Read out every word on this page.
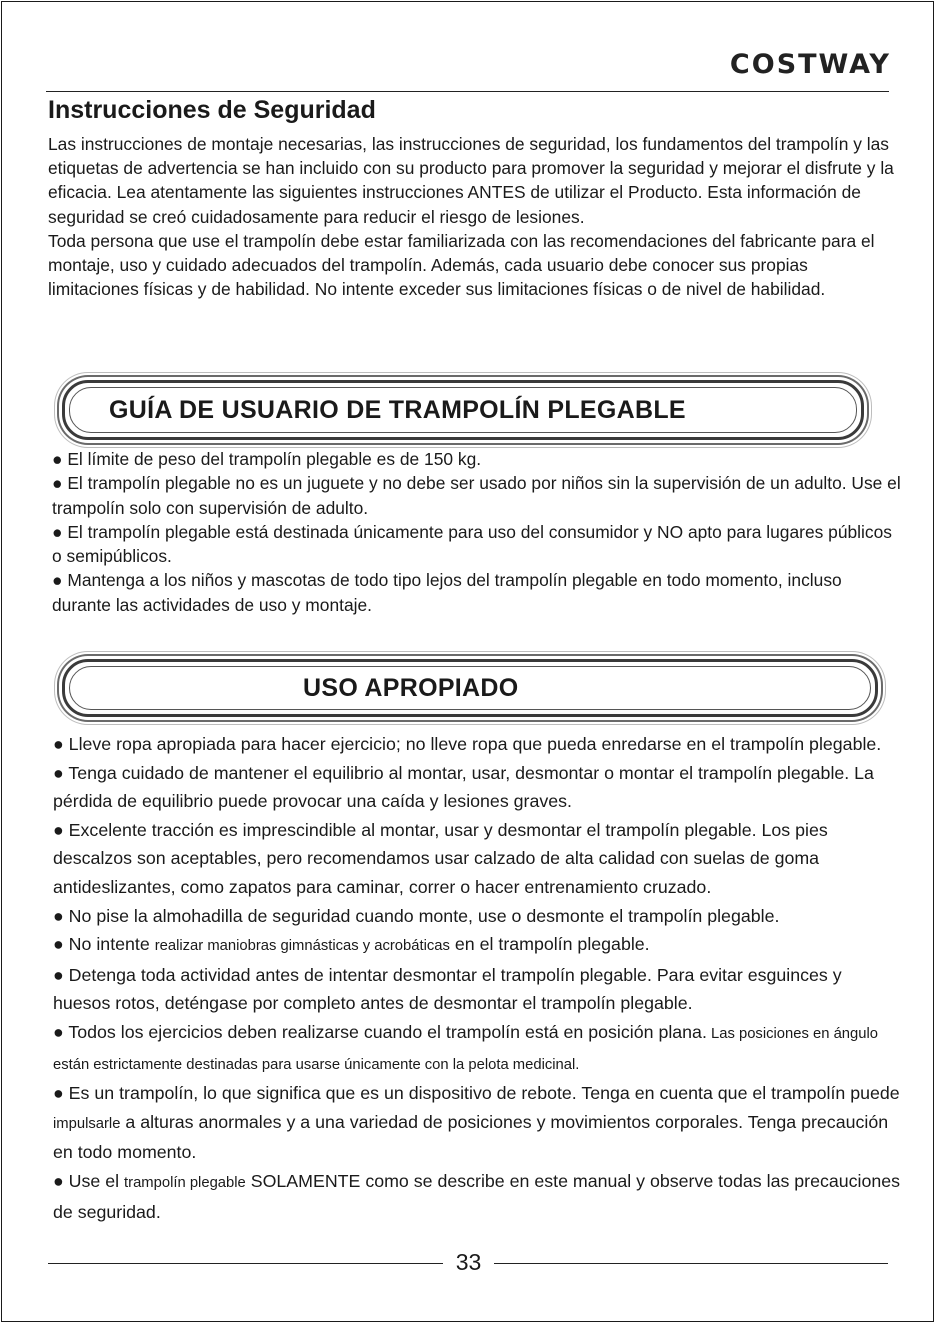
COSTWAY
Instrucciones de Seguridad

Las instrucciones de montaje necesarias, las instrucciones de seguridad, los fundamentos del trampolín y las etiquetas de advertencia se han incluido con su producto para promover la seguridad y mejorar el disfrute y la eficacia. Lea atentamente las siguientes instrucciones ANTES de utilizar el Producto. Esta información de seguridad se creó cuidadosamente para reducir el riesgo de lesiones.

Toda persona que use el trampolín debe estar familiarizada con las recomendaciones del fabricante para el montaje, uso y cuidado adecuados del trampolín. Además, cada usuario debe conocer sus propias limitaciones físicas y de habilidad. No intente exceder sus limitaciones físicas o de nivel de habilidad.

GUÍA DE USUARIO DE TRAMPOLÍN PLEGABLE
● El límite de peso del trampolín plegable es de 150 kg.
● El trampolín plegable no es un juguete y no debe ser usado por niños sin la supervisión de un adulto. Use el trampolín solo con supervisión de adulto.
● El trampolín plegable está destinada únicamente para uso del consumidor y NO apto para lugares públicos o semipúblicos.
● Mantenga a los niños y mascotas de todo tipo lejos del trampolín plegable en todo momento, incluso durante las actividades de uso y montaje.
USO APROPIADO
● Lleve ropa apropiada para hacer ejercicio; no lleve ropa que pueda enredarse en el trampolín plegable.
● Tenga cuidado de mantener el equilibrio al montar, usar, desmontar o montar el trampolín plegable. La pérdida de equilibrio puede provocar una caída y lesiones graves.
● Excelente tracción es imprescindible al montar, usar y desmontar el trampolín plegable. Los pies descalzos son aceptables, pero recomendamos usar calzado de alta calidad con suelas de goma antideslizantes, como zapatos para caminar, correr o hacer entrenamiento cruzado.
● No pise la almohadilla de seguridad cuando monte, use o desmonte el trampolín plegable.
● No intente realizar maniobras gimnásticas y acrobáticas en el trampolín plegable.
● Detenga toda actividad antes de intentar desmontar el trampolín plegable. Para evitar esguinces y huesos rotos, deténgase por completo antes de desmontar el trampolín plegable.
● Todos los ejercicios deben realizarse cuando el trampolín está en posición plana. Las posiciones en ángulo están estrictamente destinadas para usarse únicamente con la pelota medicinal.
● Es un trampolín, lo que significa que es un dispositivo de rebote. Tenga en cuenta que el trampolín puede impulsarle a alturas anormales y a una variedad de posiciones y movimientos corporales. Tenga precaución en todo momento.
● Use el trampolín plegable SOLAMENTE como se describe en este manual y observe todas las precauciones de seguridad.
33
